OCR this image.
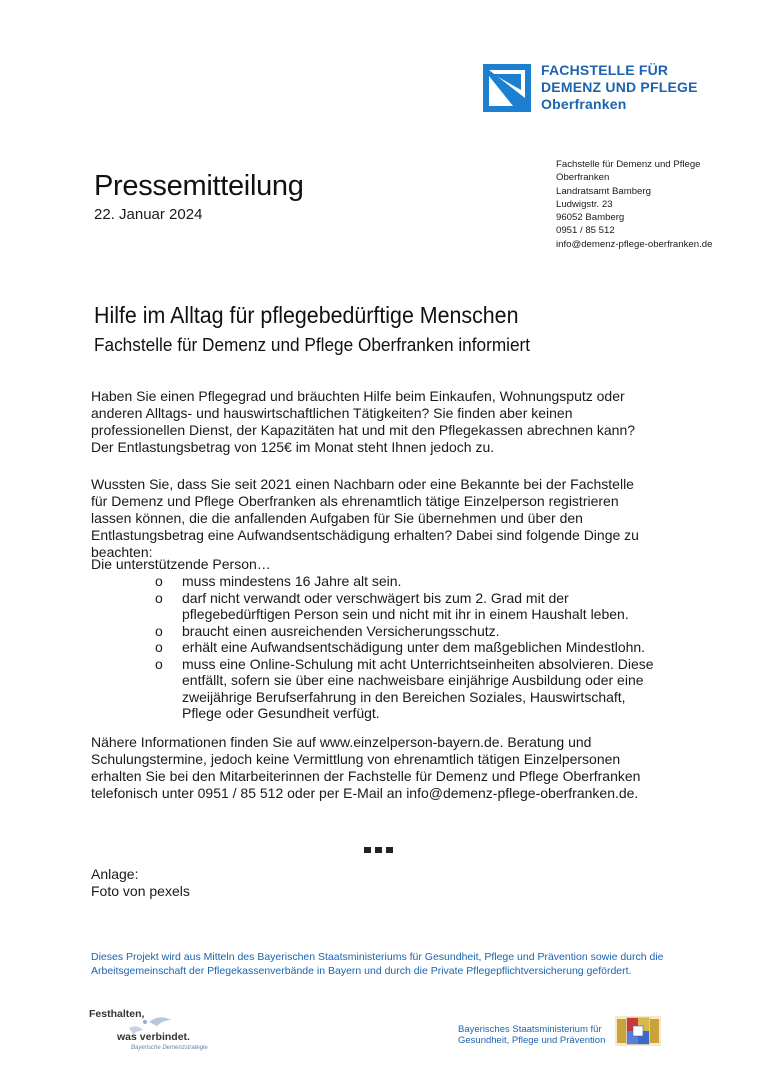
FACHSTELLE FÜR
DEMENZ UND PFLEGE
Oberfranken
Pressemitteilung
22. Januar 2024
Fachstelle für Demenz und Pflege
Oberfranken
Landratsamt Bamberg
Ludwigstr. 23
96052 Bamberg
0951 / 85 512
info@demenz-pflege-oberfranken.de
Hilfe im Alltag für pflegebedürftige Menschen
Fachstelle für Demenz und Pflege Oberfranken informiert
Haben Sie einen Pflegegrad und bräuchten Hilfe beim Einkaufen, Wohnungsputz oder anderen Alltags- und hauswirtschaftlichen Tätigkeiten? Sie finden aber keinen professionellen Dienst, der Kapazitäten hat und mit den Pflegekassen abrechnen kann? Der Entlastungsbetrag von 125€ im Monat steht Ihnen jedoch zu.
Wussten Sie, dass Sie seit 2021 einen Nachbarn oder eine Bekannte bei der Fachstelle für Demenz und Pflege Oberfranken als ehrenamtlich tätige Einzelperson registrieren lassen können, die die anfallenden Aufgaben für Sie übernehmen und über den Entlastungsbetrag eine Aufwandsentschädigung erhalten? Dabei sind folgende Dinge zu beachten:
Die unterstützende Person…
o muss mindestens 16 Jahre alt sein.
o darf nicht verwandt oder verschwägert bis zum 2. Grad mit der pflegebedürftigen Person sein und nicht mit ihr in einem Haushalt leben.
o braucht einen ausreichenden Versicherungsschutz.
o erhält eine Aufwandsentschädigung unter dem maßgeblichen Mindestlohn.
o muss eine Online-Schulung mit acht Unterrichtseinheiten absolvieren. Diese entfällt, sofern sie über eine nachweisbare einjährige Ausbildung oder eine zweijährige Berufserfahrung in den Bereichen Soziales, Hauswirtschaft, Pflege oder Gesundheit verfügt.
Nähere Informationen finden Sie auf www.einzelperson-bayern.de. Beratung und Schulungstermine, jedoch keine Vermittlung von ehrenamtlich tätigen Einzelpersonen erhalten Sie bei den Mitarbeiterinnen der Fachstelle für Demenz und Pflege Oberfranken telefonisch unter 0951 / 85 512 oder per E-Mail an info@demenz-pflege-oberfranken.de.
Anlage:
Foto von pexels
Dieses Projekt wird aus Mitteln des Bayerischen Staatsministeriums für Gesundheit, Pflege und Prävention sowie durch die Arbeitsgemeinschaft der Pflegekassenverbände in Bayern und durch die Private Pflegepflichtversicherung gefördert.
Festhalten,
was verbindet.
Bayerische Demenzstrategie
Bayerisches Staatsministerium für
Gesundheit, Pflege und Prävention
